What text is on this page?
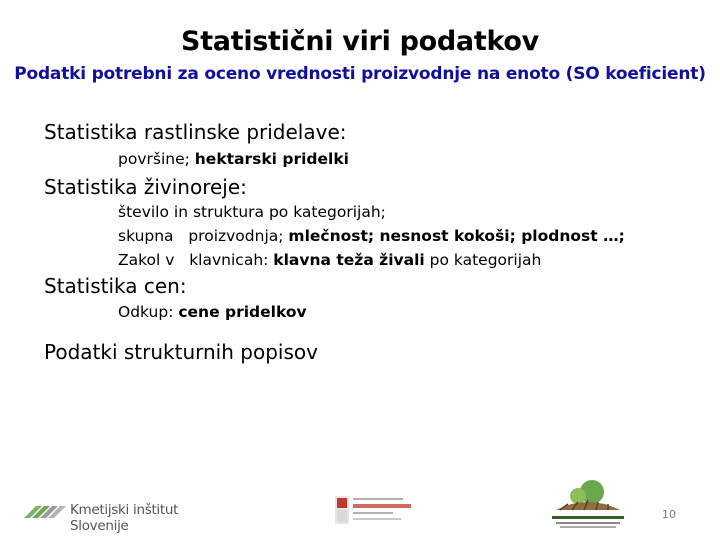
Statistični viri podatkov
Podatki potrebni za oceno vrednosti proizvodnje na enoto (SO koeficient)
Statistika rastlinske pridelave:
površine; hektarski pridelki
Statistika živinoreje:
število in struktura po kategorijah;
skupna   proizvodnja; mlečnost; nesnost kokoši; plodnost …;
Zakol v   klavnicah: klavna teža živali po kategorijah
Statistika cen:
Odkup: cene pridelkov
Podatki strukturnih popisov
Kmetijski inštitut Slovenije
10
